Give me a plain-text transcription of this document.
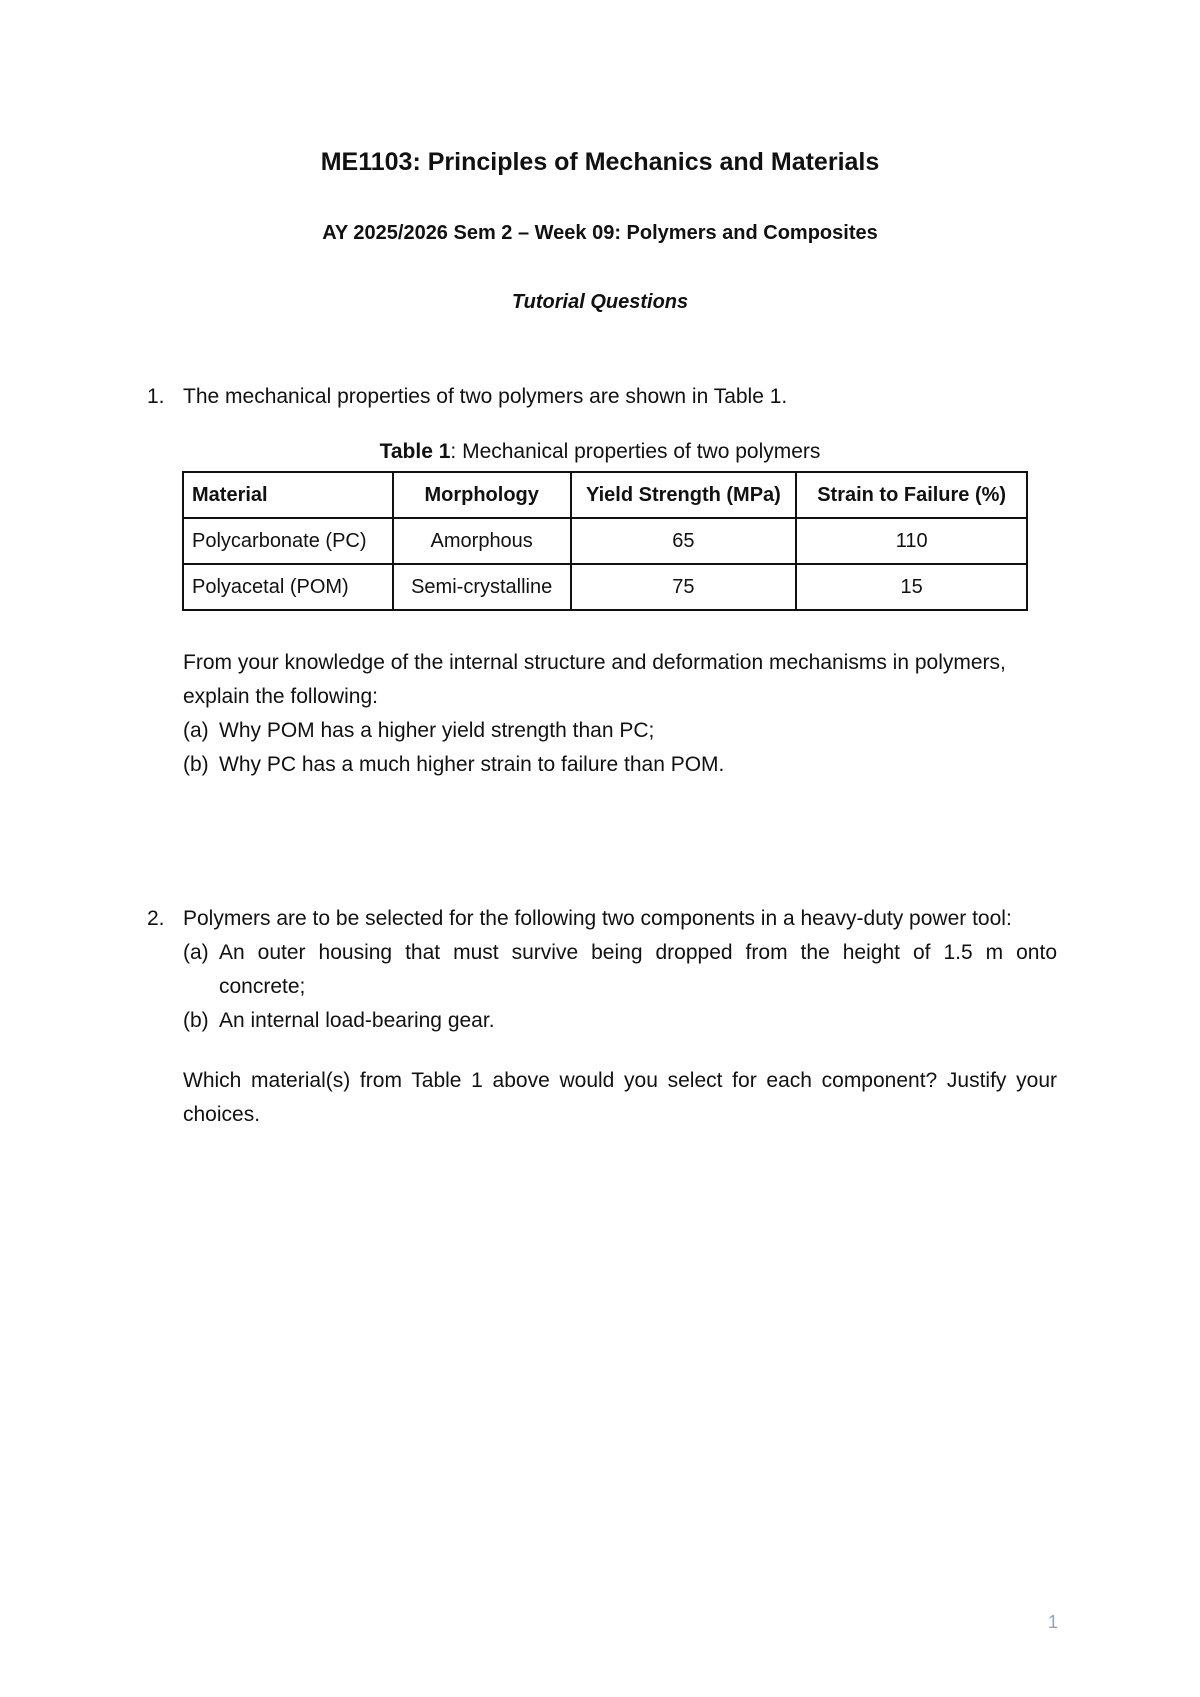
ME1103: Principles of Mechanics and Materials
AY 2025/2026 Sem 2 – Week 09: Polymers and Composites
Tutorial Questions
1. The mechanical properties of two polymers are shown in Table 1.
Table 1: Mechanical properties of two polymers
Material	Morphology	Yield Strength (MPa)	Strain to Failure (%)
Polycarbonate (PC)	Amorphous	65	110
Polyacetal (POM)	Semi-crystalline	75	15
From your knowledge of the internal structure and deformation mechanisms in polymers,
explain the following:
(a) Why POM has a higher yield strength than PC;
(b) Why PC has a much higher strain to failure than POM.
2. Polymers are to be selected for the following two components in a heavy-duty power tool:
(a) An outer housing that must survive being dropped from the height of 1.5 m onto
concrete;
(b) An internal load-bearing gear.
Which material(s) from Table 1 above would you select for each component? Justify your
choices.
1
